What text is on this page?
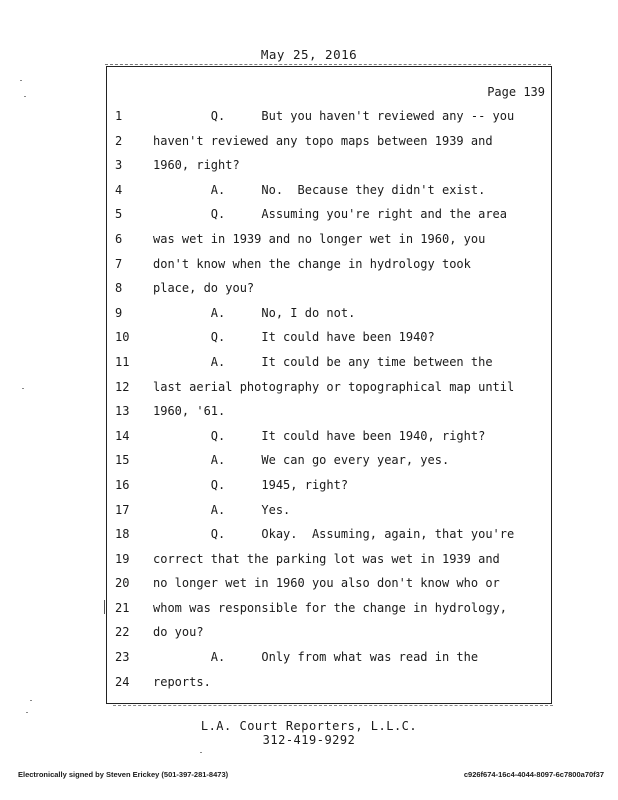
May 25, 2016
Page 139
1	Q.     But you haven't reviewed any -- you
2	haven't reviewed any topo maps between 1939 and
3	1960, right?
4	A.     No.  Because they didn't exist.
5	Q.     Assuming you're right and the area
6	was wet in 1939 and no longer wet in 1960, you
7	don't know when the change in hydrology took
8	place, do you?
9	A.     No, I do not.
10	Q.     It could have been 1940?
11	A.     It could be any time between the
12	last aerial photography or topographical map until
13	1960, '61.
14	Q.     It could have been 1940, right?
15	A.     We can go every year, yes.
16	Q.     1945, right?
17	A.     Yes.
18	Q.     Okay.  Assuming, again, that you're
19	correct that the parking lot was wet in 1939 and
20	no longer wet in 1960 you also don't know who or
21	whom was responsible for the change in hydrology,
22	do you?
23	A.     Only from what was read in the
24	reports.
L.A. Court Reporters, L.L.C.
312-419-9292
Electronically signed by Steven Erickey (501-397-281-8473)	c926f674-16c4-4044-8097-6c7800a70f37
